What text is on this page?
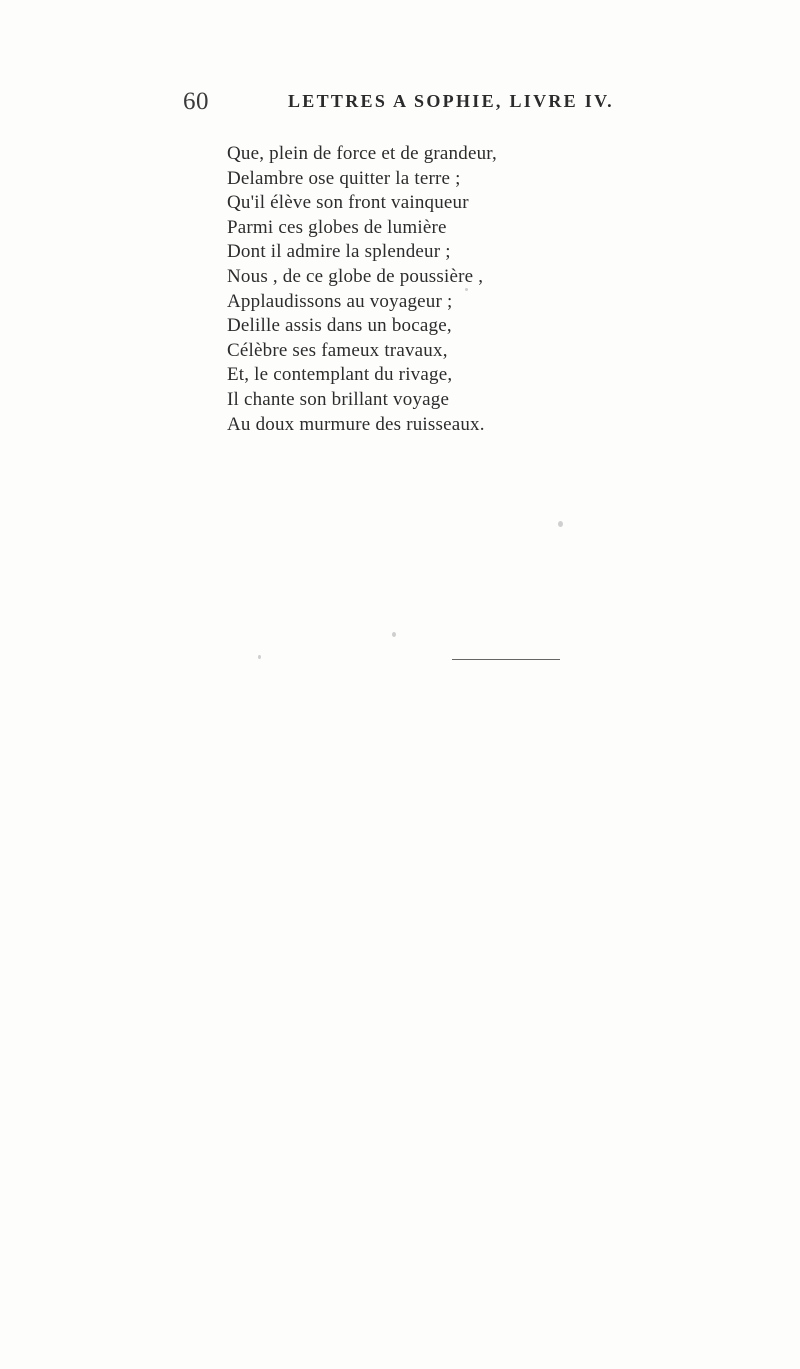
60	LETTRES A SOPHIE, LIVRE IV.
Que, plein de force et de grandeur,
Delambre ose quitter la terre ;
Qu'il élève son front vainqueur
Parmi ces globes de lumière
Dont il admire la splendeur ;
Nous , de ce globe de poussière ,
Applaudissons au voyageur ;
Delille assis dans un bocage,
Célèbre ses fameux travaux,
Et, le contemplant du rivage,
Il chante son brillant voyage
Au doux murmure des ruisseaux.
